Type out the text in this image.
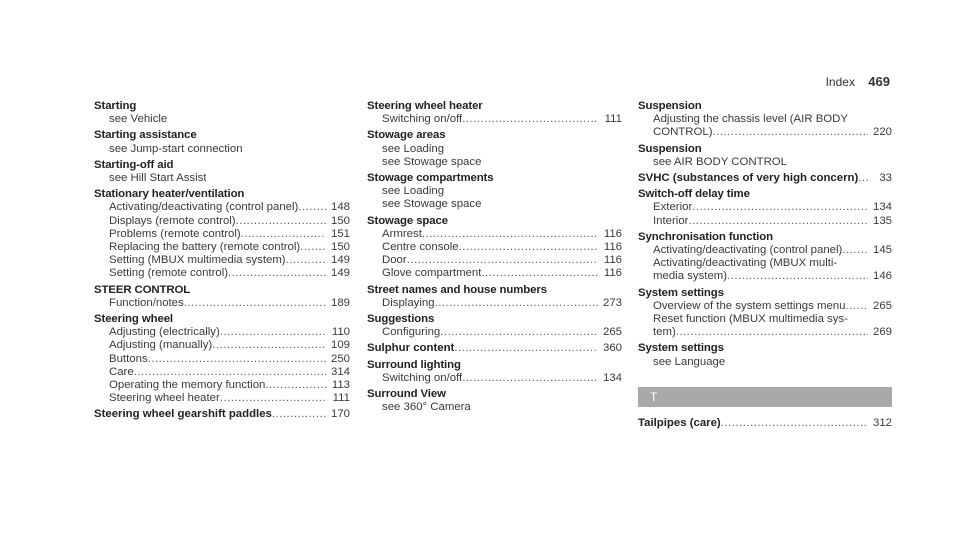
Index 469
Starting
see Vehicle
Starting assistance
see Jump-start connection
Starting-off aid
see Hill Start Assist
Stationary heater/ventilation
Activating/deactivating (control panel) .....	148
Displays (remote control) .....	150
Problems (remote control) .....	151
Replacing the battery (remote control) .....	150
Setting (MBUX multimedia system) .....	149
Setting (remote control) .....	149
STEER CONTROL
Function/notes .....	189
Steering wheel
Adjusting (electrically) .....	110
Adjusting (manually) .....	109
Buttons .....	250
Care .....	314
Operating the memory function .....	113
Steering wheel heater .....	111
Steering wheel gearshift paddles .....	170
Steering wheel heater
Switching on/off .....	111
Stowage areas
see Loading
see Stowage space
Stowage compartments
see Loading
see Stowage space
Stowage space
Armrest .....	116
Centre console .....	116
Door .....	116
Glove compartment .....	116
Street names and house numbers
Displaying .....	273
Suggestions
Configuring .....	265
Sulphur content .....	360
Surround lighting
Switching on/off .....	134
Surround View
see 360° Camera
Suspension
Adjusting the chassis level (AIR BODY
CONTROL) .....	220
Suspension
see AIR BODY CONTROL
SVHC (substances of very high concern) .....	33
Switch-off delay time
Exterior .....	134
Interior .....	135
Synchronisation function
Activating/deactivating (control panel) .....	145
Activating/deactivating (MBUX multi-
media system) .....	146
System settings
Overview of the system settings menu ..... 265
Reset function (MBUX multimedia sys-
tem) .....	269
System settings
see Language
T
Tailpipes (care) .....	312
